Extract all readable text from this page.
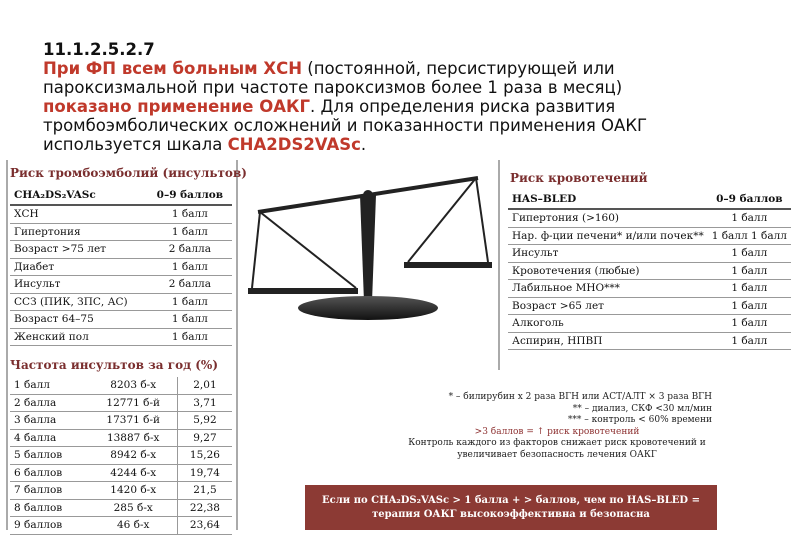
11.1.2.5.2.7
При ФП всем больным ХСН (постоянной, персистирующей или пароксизмальной при частоте пароксизмов более 1 раза в месяц) показано применение ОАКГ. Для определения риска развития тромбоэмболических осложнений и показанности применения ОАКГ используется шкала CHA2DS2VASc.
Риск тромбоэмболий (инсультов)
CHA₂DS₂VASc	0–9 баллов
ХСН	1 балл
Гипертония	1 балл
Возраст >75 лет	2 балла
Диабет	1 балл
Инсульт	2 балла
ССЗ (ПИК, ЗПС, АС)	1 балл
Возраст 64–75	1 балл
Женский пол	1 балл
Частота инсультов за год (%)
1 балл	8203 б-х	2,01
2 балла	12771 б-й	3,71
3 балла	17371 б-й	5,92
4 балла	13887 б-х	9,27
5 баллов	8942 б-х	15,26
6 баллов	4244 б-х	19,74
7 баллов	1420 б-х	21,5
8 баллов	285 б-х	22,38
9 баллов	46 б-х	23,64
Риск кровотечений
HAS–BLED	0–9 баллов
Гипертония (>160)	1 балл
Нар. ф-ции печени* и/или почек**	1 балл 1 балл
Инсульт	1 балл
Кровотечения (любые)	1 балл
Лабильное МНО***	1 балл
Возраст >65 лет	1 балл
Алкоголь	1 балл
Аспирин, НПВП	1 балл
* – билирубин х 2 раза ВГН или АСТ/АЛТ × 3 раза ВГН
** – диализ, СКФ <30 мл/мин
*** – контроль < 60% времени
>3 баллов = ↑ риск кровотечений
Контроль каждого из факторов снижает риск кровотечений и увеличивает безопасность лечения ОАКГ
Если по CHA₂DS₂VASc > 1 балла + > баллов, чем по HAS–BLED =
терапия ОАКГ высокоэффективна и безопасна
